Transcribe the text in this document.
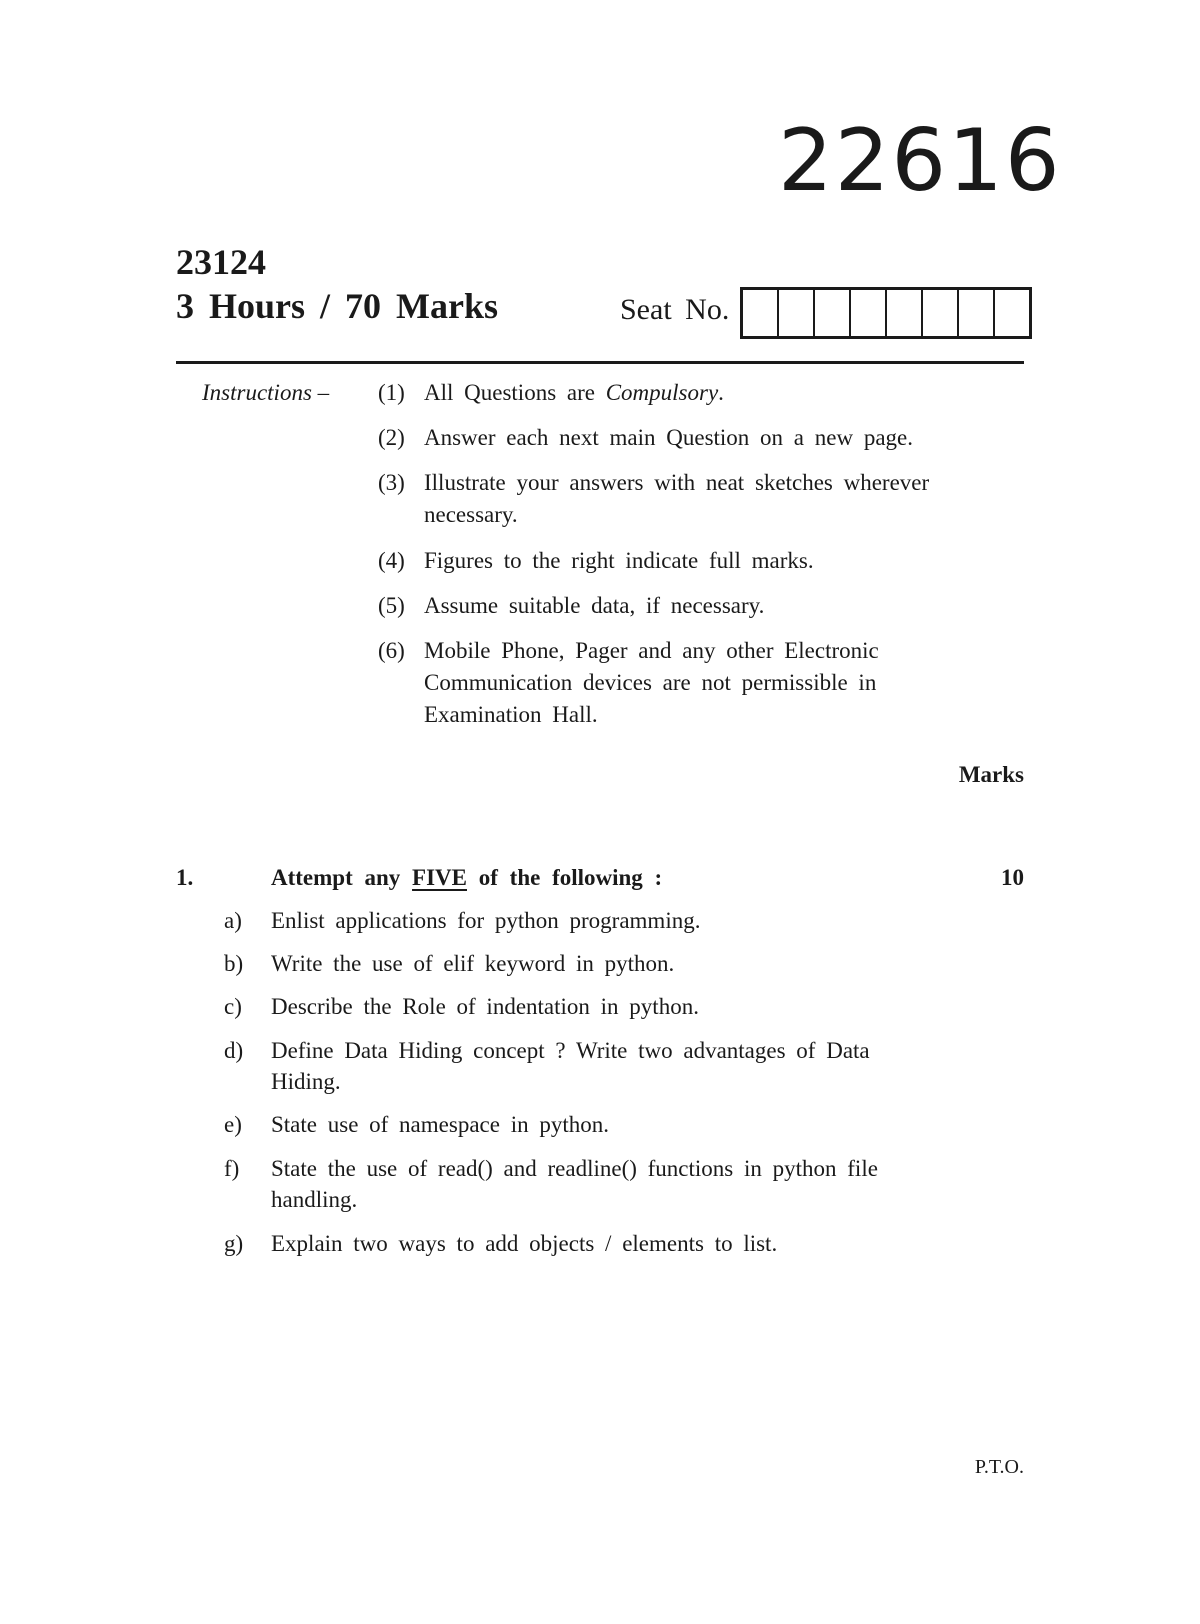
22616
23124
3 Hours / 70 Marks	Seat No.
Instructions – (1) All Questions are Compulsory.
(2) Answer each next main Question on a new page.
(3) Illustrate your answers with neat sketches wherever necessary.
(4) Figures to the right indicate full marks.
(5) Assume suitable data, if necessary.
(6) Mobile Phone, Pager and any other Electronic Communication devices are not permissible in Examination Hall.
Marks
1.	Attempt any FIVE of the following :	10
a) Enlist applications for python programming.
b) Write the use of elif keyword in python.
c) Describe the Role of indentation in python.
d) Define Data Hiding concept ? Write two advantages of Data Hiding.
e) State use of namespace in python.
f) State the use of read() and readline() functions in python file handling.
g) Explain two ways to add objects / elements to list.
P.T.O.
